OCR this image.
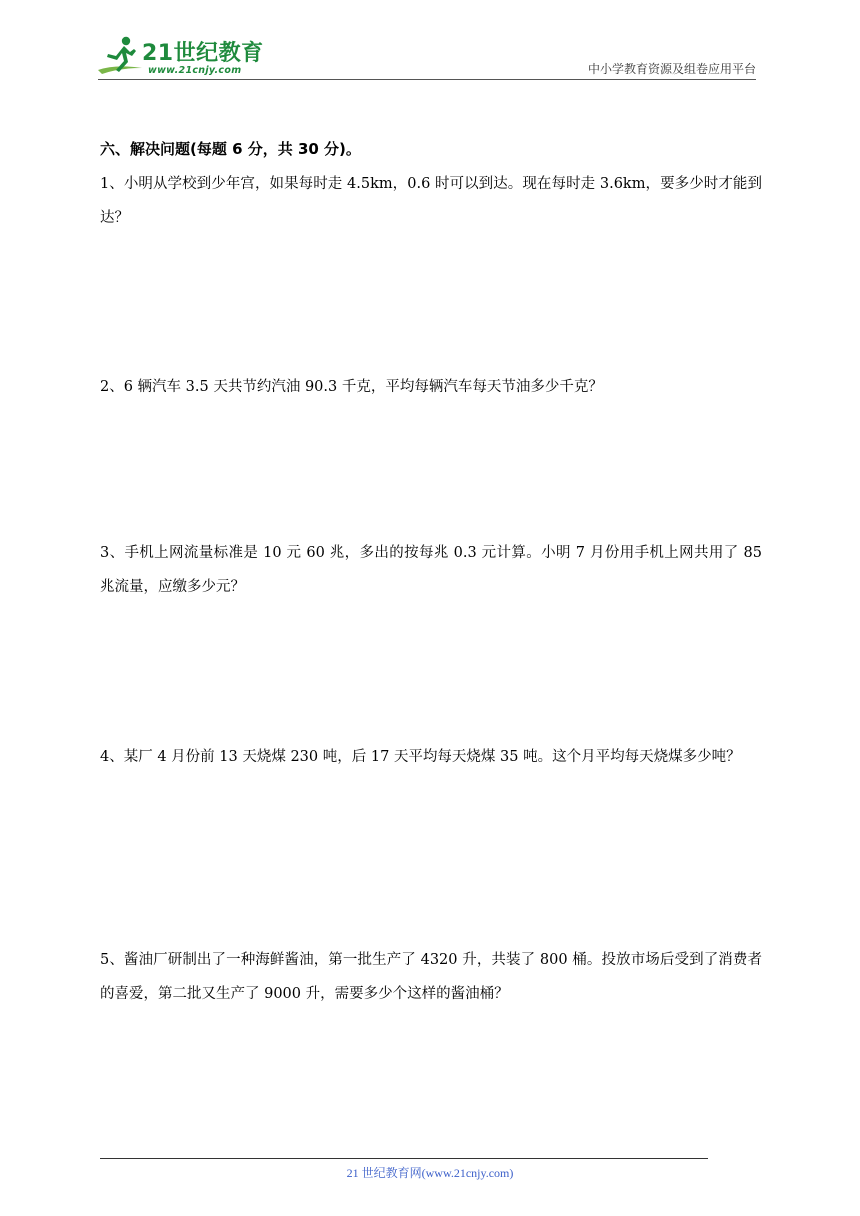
21世纪教育
www.21cnjy.com	中小学教育资源及组卷应用平台
六、解决问题(每题 6 分，共 30 分)。
1、小明从学校到少年宫，如果每时走 4.5km，0.6 时可以到达。现在每时走 3.6km，要多少时才能到达？
2、6 辆汽车 3.5 天共节约汽油 90.3 千克，平均每辆汽车每天节油多少千克？
3、手机上网流量标准是 10 元 60 兆，多出的按每兆 0.3 元计算。小明 7 月份用手机上网共用了 85 兆流量，应缴多少元？
4、某厂 4 月份前 13 天烧煤 230 吨，后 17 天平均每天烧煤 35 吨。这个月平均每天烧煤多少吨？
5、酱油厂研制出了一种海鲜酱油，第一批生产了 4320 升，共装了 800 桶。投放市场后受到了消费者的喜爱，第二批又生产了 9000 升，需要多少个这样的酱油桶？
21 世纪教育网(www.21cnjy.com)
